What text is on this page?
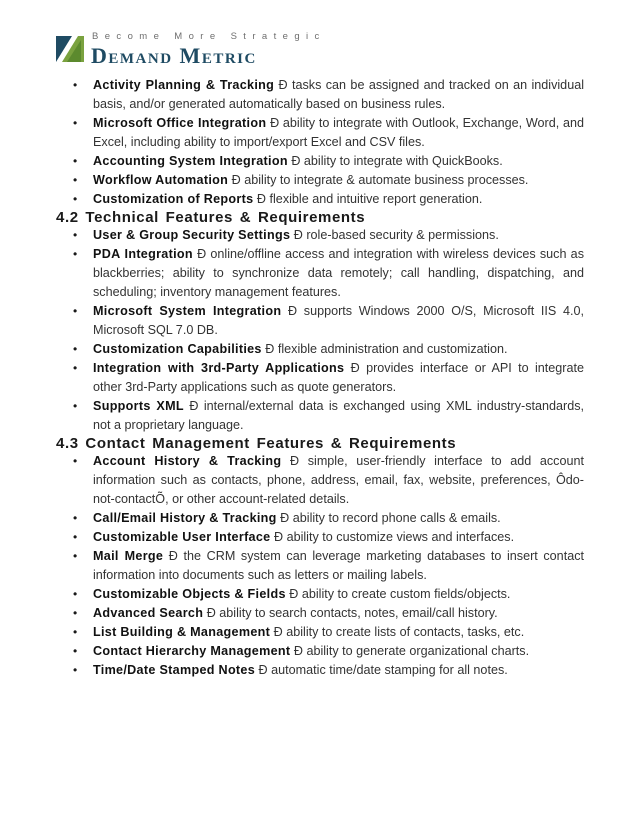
Become More Strategic
Demand Metric
• Activity Planning & Tracking Ð tasks can be assigned and tracked on an individual basis, and/or generated automatically based on business rules.
• Microsoft Office Integration Ð ability to integrate with Outlook, Exchange, Word, and Excel, including ability to import/export Excel and CSV files.
• Accounting System Integration Ð ability to integrate with QuickBooks.
• Workflow Automation Ð ability to integrate & automate business processes.
• Customization of Reports Ð flexible and intuitive report generation.
4.2 Technical Features & Requirements
• User & Group Security Settings Ð role-based security & permissions.
• PDA Integration Ð online/offline access and integration with wireless devices such as blackberries; ability to synchronize data remotely; call handling, dispatching, and scheduling; inventory management features.
• Microsoft System Integration Ð supports Windows 2000 O/S, Microsoft IIS 4.0, Microsoft SQL 7.0 DB.
• Customization Capabilities Ð flexible administration and customization.
• Integration with 3rd-Party Applications Ð provides interface or API to integrate other 3rd-Party applications such as quote generators.
• Supports XML Ð internal/external data is exchanged using XML industry-standards, not a proprietary language.
4.3 Contact Management Features & Requirements
• Account History & Tracking Ð simple, user-friendly interface to add account information such as contacts, phone, address, email, fax, website, preferences, Ôdo-not-contactÕ, or other account-related details.
• Call/Email History & Tracking Ð ability to record phone calls & emails.
• Customizable User Interface Ð ability to customize views and interfaces.
• Mail Merge Ð the CRM system can leverage marketing databases to insert contact information into documents such as letters or mailing labels.
• Customizable Objects & Fields Ð ability to create custom fields/objects.
• Advanced Search Ð ability to search contacts, notes, email/call history.
• List Building & Management Ð ability to create lists of contacts, tasks, etc.
• Contact Hierarchy Management Ð ability to generate organizational charts.
• Time/Date Stamped Notes Ð automatic time/date stamping for all notes.
